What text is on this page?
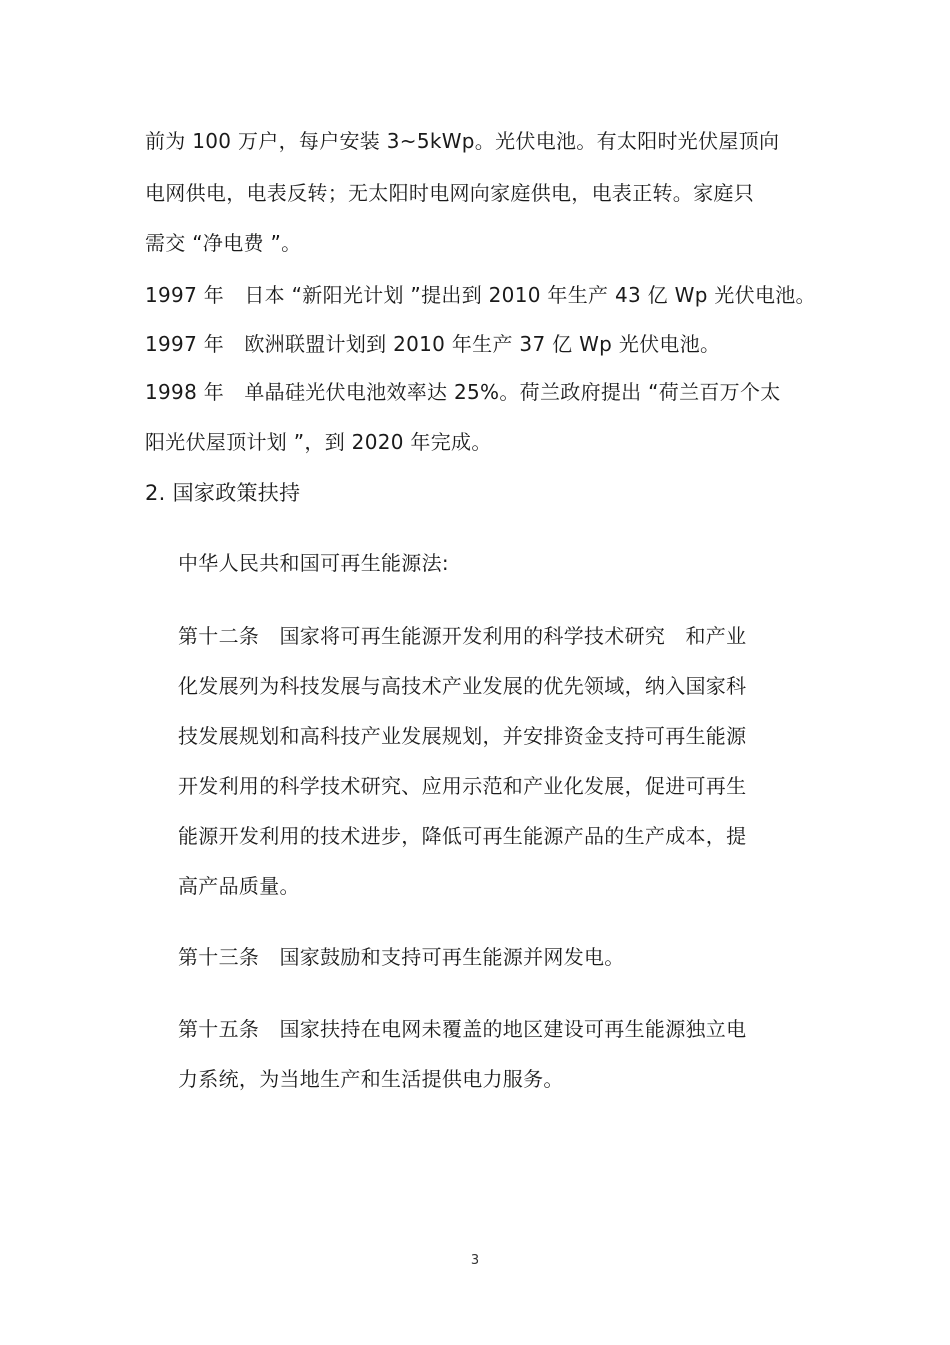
前为 100 万户，每户安装 3~5kWp。光伏电池。有太阳时光伏屋顶向
电网供电，电表反转；无太阳时电网向家庭供电，电表正转。家庭只
需交 “净电费 ”。
1997 年　日本 “新阳光计划 ”提出到 2010 年生产 43 亿 Wp 光伏电池。
1997 年　欧洲联盟计划到 2010 年生产 37 亿 Wp 光伏电池。
1998 年　单晶硅光伏电池效率达 25%。荷兰政府提出 “荷兰百万个太
阳光伏屋顶计划 ”，到 2020 年完成。
2. 国家政策扶持
中华人民共和国可再生能源法:
第十二条　国家将可再生能源开发利用的科学技术研究　和产业
化发展列为科技发展与高技术产业发展的优先领域，纳入国家科
技发展规划和高科技产业发展规划，并安排资金支持可再生能源
开发利用的科学技术研究、应用示范和产业化发展，促进可再生
能源开发利用的技术进步，降低可再生能源产品的生产成本，提
高产品质量。
第十三条　国家鼓励和支持可再生能源并网发电。
第十五条　国家扶持在电网未覆盖的地区建设可再生能源独立电
力系统，为当地生产和生活提供电力服务。
3
